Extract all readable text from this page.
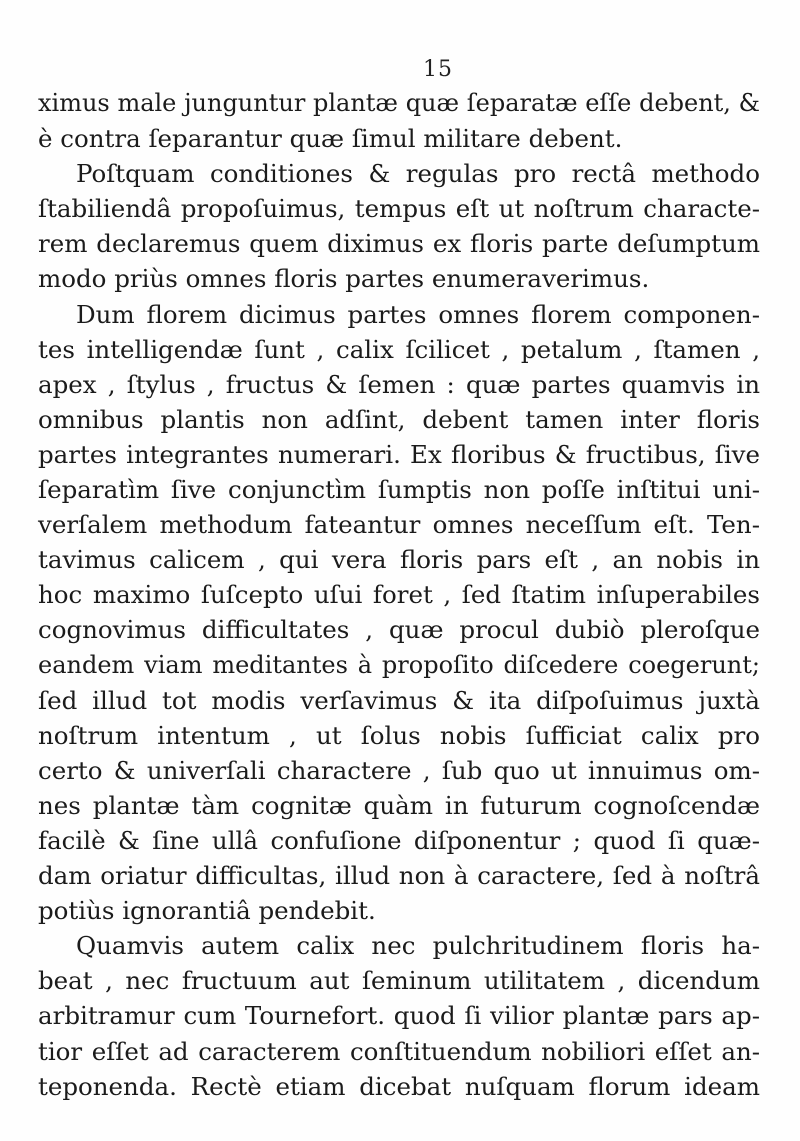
15
ximus male junguntur plantæ quæ ſeparatæ eſſe debent, &
è contra ſeparantur quæ ſimul militare debent.
Poſtquam conditiones & regulas pro rectâ methodo
ſtabiliendâ propoſuimus, tempus eſt ut noſtrum characte-
rem declaremus quem diximus ex floris parte deſumptum
modo priùs omnes floris partes enumeraverimus.
Dum florem dicimus partes omnes florem componen-
tes intelligendæ ſunt , calix ſcilicet , petalum , ſtamen ,
apex , ſtylus , fructus & ſemen : quæ partes quamvis in
omnibus plantis non adſint, debent tamen inter floris
partes integrantes numerari. Ex floribus & fructibus, ſive
ſeparatìm ſive conjunctìm ſumptis non poſſe inſtitui uni-
verſalem methodum fateantur omnes neceſſum eſt. Ten-
tavimus calicem , qui vera floris pars eſt , an nobis in
hoc maximo ſuſcepto uſui foret , ſed ſtatim inſuperabiles
cognovimus difficultates , quæ procul dubiò pleroſque
eandem viam meditantes à propoſito diſcedere coegerunt;
ſed illud tot modis verſavimus & ita diſpoſuimus juxtà
noſtrum intentum , ut ſolus nobis ſufficiat calix pro
certo & univerſali charactere , ſub quo ut innuimus om-
nes plantæ tàm cognitæ quàm in futurum cognoſcendæ
facilè & ſine ullâ confuſione diſponentur ; quod ſi quæ-
dam oriatur difficultas, illud non à caractere, ſed à noſtrâ
potiùs ignorantiâ pendebit.
Quamvis autem calix nec pulchritudinem floris ha-
beat , nec fructuum aut ſeminum utilitatem , dicendum
arbitramur cum Tournefort. quod ſi vilior plantæ pars ap-
tior eſſet ad caracterem conſtituendum nobiliori eſſet an-
teponenda. Rectè etiam dicebat nuſquam florum ideam
